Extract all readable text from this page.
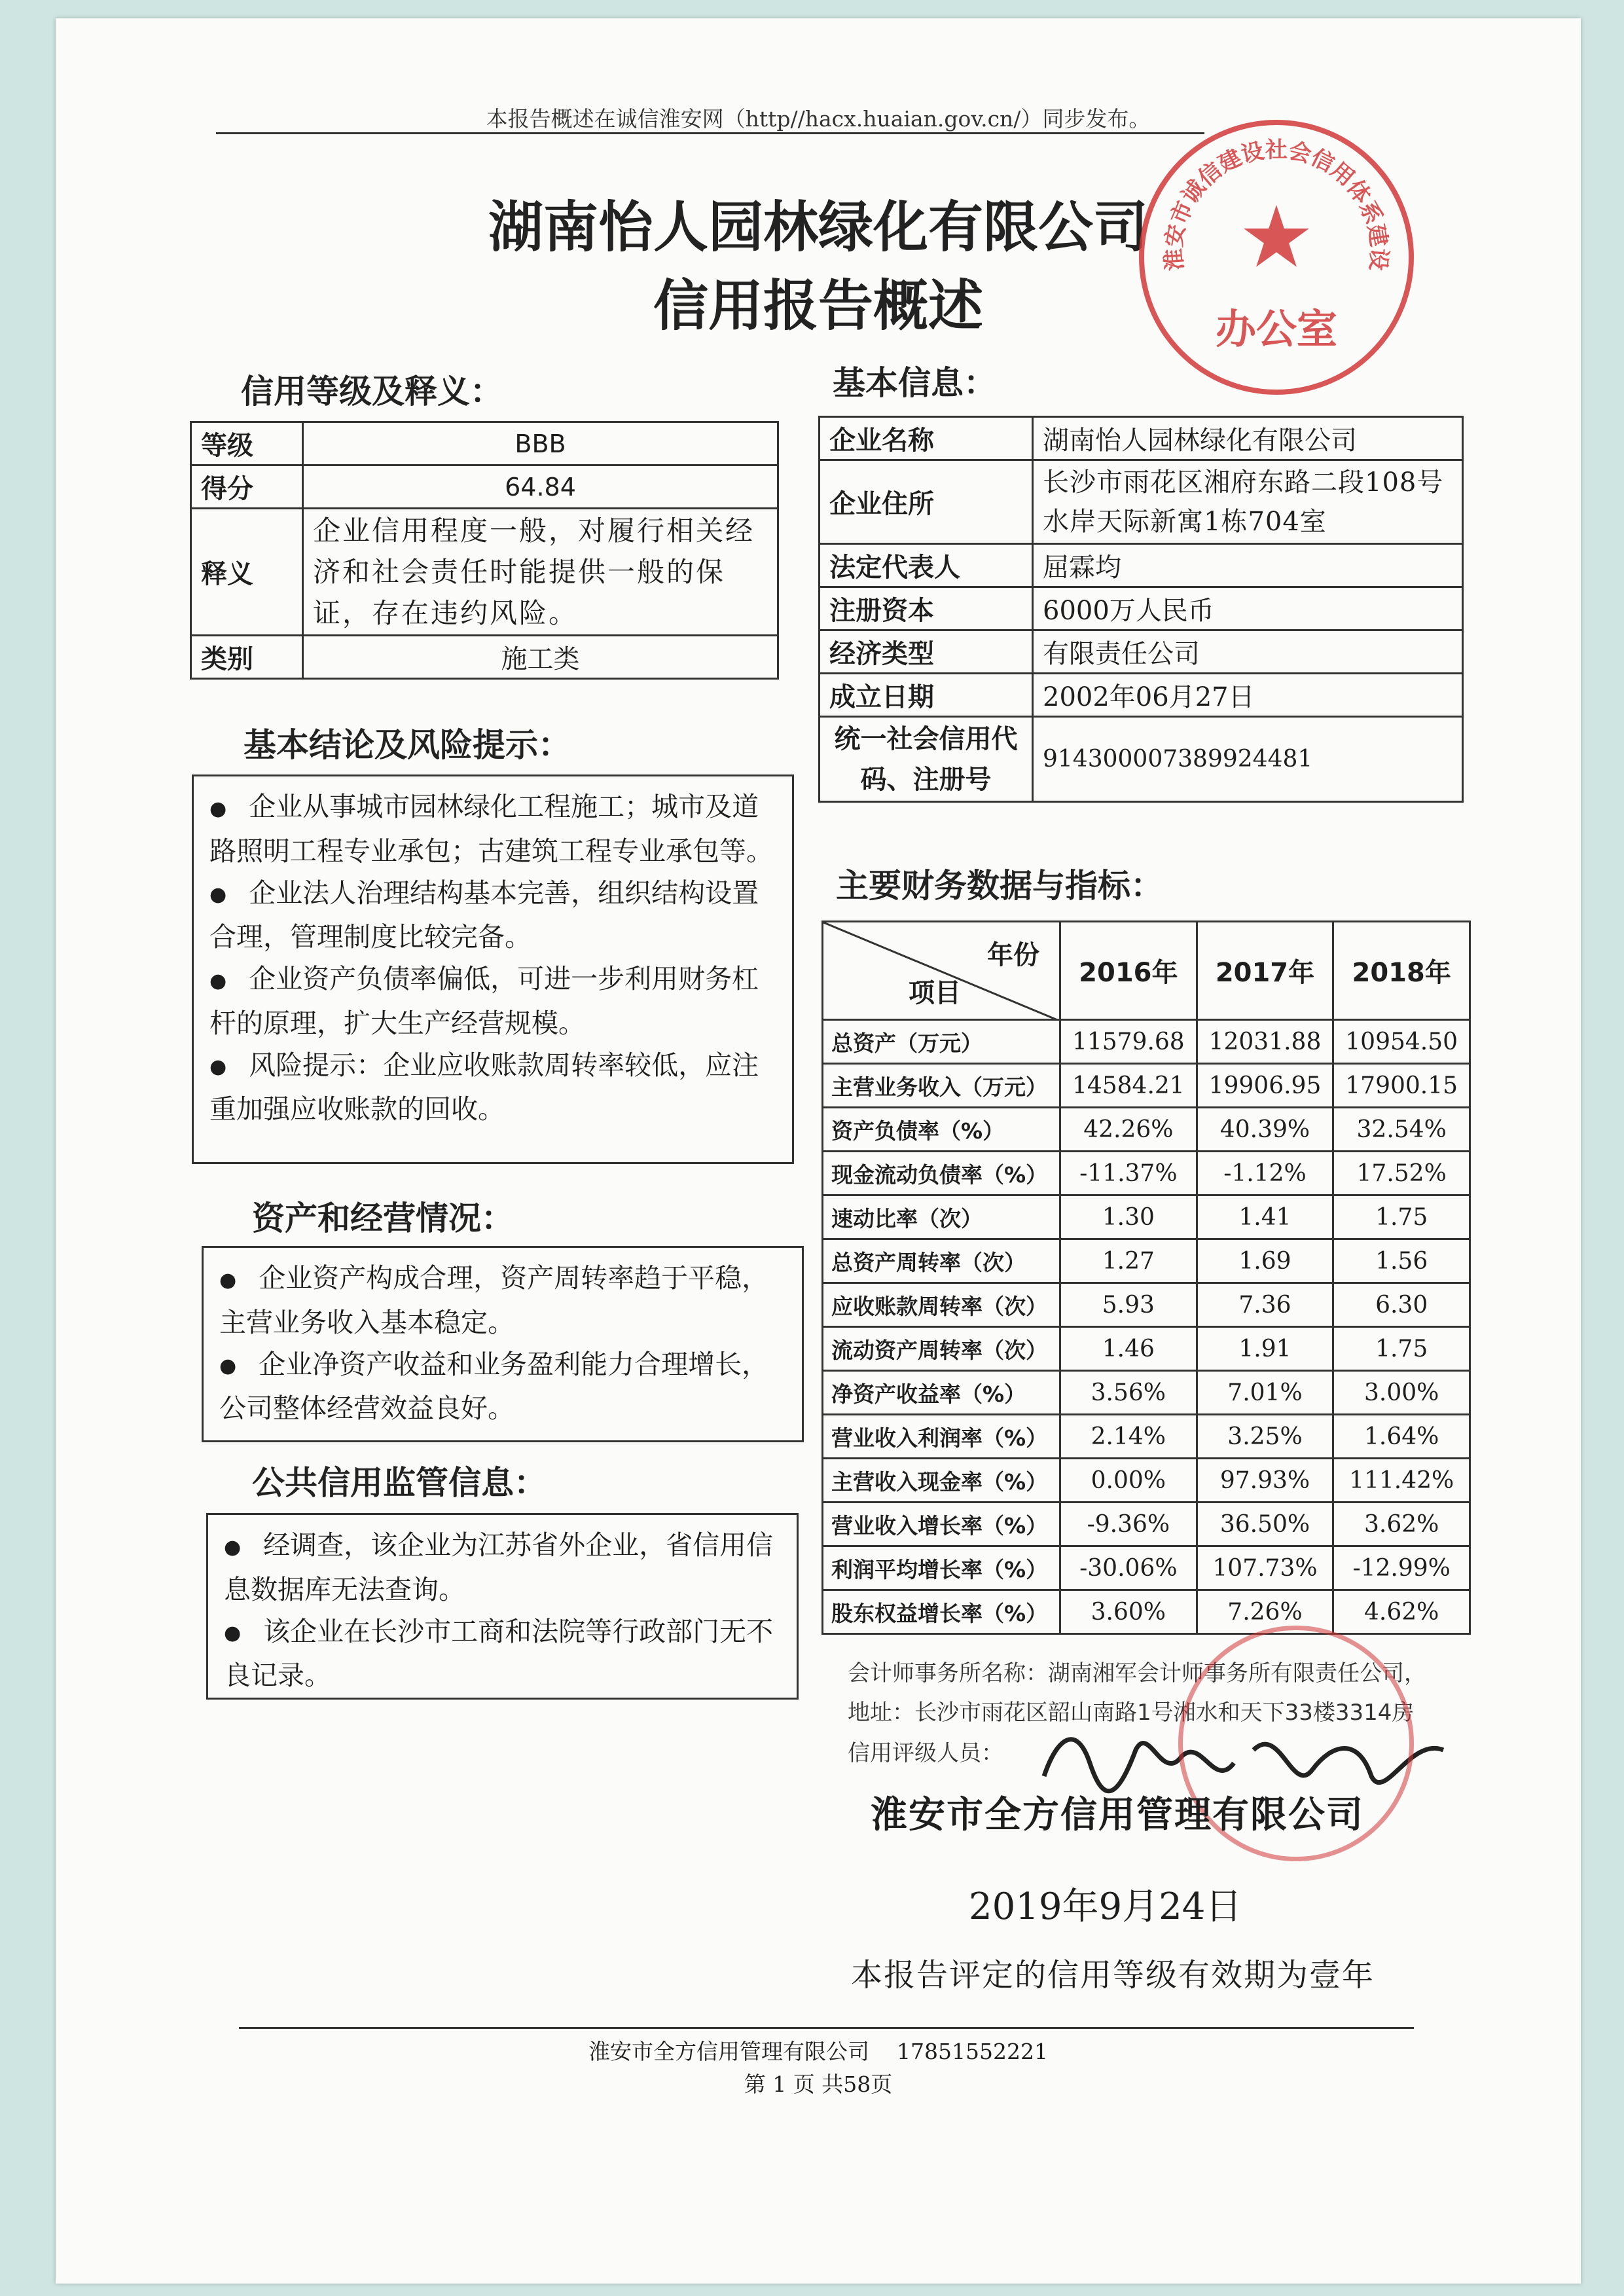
本报告概述在诚信淮安网（http//hacx.huaian.gov.cn/）同步发布。
湖南怡人园林绿化有限公司
信用报告概述
淮安市诚信建设社会信用体系建设
★
办公室
信用等级及释义：
等级	BBB
得分	64.84
释义	企业信用程度一般，对履行相关经济和社会责任时能提供一般的保证，存在违约风险。
类别	施工类
基本信息：
企业名称	湖南怡人园林绿化有限公司
企业住所	长沙市雨花区湘府东路二段108号水岸天际新寓1栋704室
法定代表人	屈霖均
注册资本	6000万人民币
经济类型	有限责任公司
成立日期	2002年06月27日
统一社会信用代码、注册号	914300007389924481
基本结论及风险提示：
● 企业从事城市园林绿化工程施工；城市及道路照明工程专业承包；古建筑工程专业承包等。
● 企业法人治理结构基本完善，组织结构设置合理，管理制度比较完备。
● 企业资产负债率偏低，可进一步利用财务杠杆的原理，扩大生产经营规模。
● 风险提示：企业应收账款周转率较低，应注重加强应收账款的回收。
资产和经营情况：
● 企业资产构成合理，资产周转率趋于平稳，主营业务收入基本稳定。
● 企业净资产收益和业务盈利能力合理增长，公司整体经营效益良好。
公共信用监管信息：
● 经调查，该企业为江苏省外企业，省信用信息数据库无法查询。
● 该企业在长沙市工商和法院等行政部门无不良记录。
主要财务数据与指标：
年份
项目	2016年	2017年	2018年
总资产（万元）	11579.68	12031.88	10954.50
主营业务收入（万元）	14584.21	19906.95	17900.15
资产负债率（%）	42.26%	40.39%	32.54%
现金流动负债率（%）	-11.37%	-1.12%	17.52%
速动比率（次）	1.30	1.41	1.75
总资产周转率（次）	1.27	1.69	1.56
应收账款周转率（次）	5.93	7.36	6.30
流动资产周转率（次）	1.46	1.91	1.75
净资产收益率（%）	3.56%	7.01%	3.00%
营业收入利润率（%）	2.14%	3.25%	1.64%
主营收入现金率（%）	0.00%	97.93%	111.42%
营业收入增长率（%）	-9.36%	36.50%	3.62%
利润平均增长率（%）	-30.06%	107.73%	-12.99%
股东权益增长率（%）	3.60%	7.26%	4.62%
会计师事务所名称：湖南湘军会计师事务所有限责任公司，
地址：长沙市雨花区韶山南路1号湘水和天下33楼3314房
信用评级人员：
淮安市全方信用管理有限公司
2019年9月24日
本报告评定的信用等级有效期为壹年
淮安市全方信用管理有限公司    17851552221
第 1 页 共58页
